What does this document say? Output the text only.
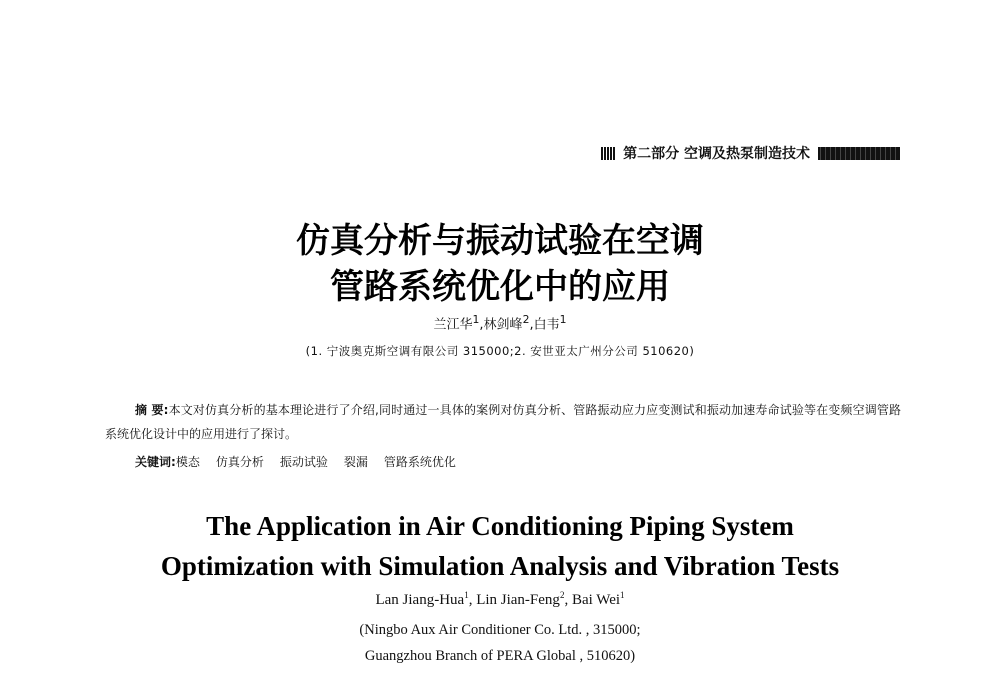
第二部分 空调及热泵制造技术
仿真分析与振动试验在空调
管路系统优化中的应用
兰江华$^1$,林剑峰$^2$,白韦$^1$
(1. 宁波奥克斯空调有限公司 315000;2. 安世亚太广州分公司 510620)
摘 要:本文对仿真分析的基本理论进行了介绍,同时通过一具体的案例对仿真分析、管路振动应力应变测试和振动加速寿命试验等在变频空调管路系统优化设计中的应用进行了探讨。
关键词:模态 仿真分析 振动试验 裂漏 管路系统优化
The Application in Air Conditioning Piping System
Optimization with Simulation Analysis and Vibration Tests
Lan Jiang-Hua$^1$, Lin Jian-Feng$^2$, Bai Wei$^1$
(Ningbo Aux Air Conditioner Co. Ltd. , 315000;
Guangzhou Branch of PERA Global , 510620)
